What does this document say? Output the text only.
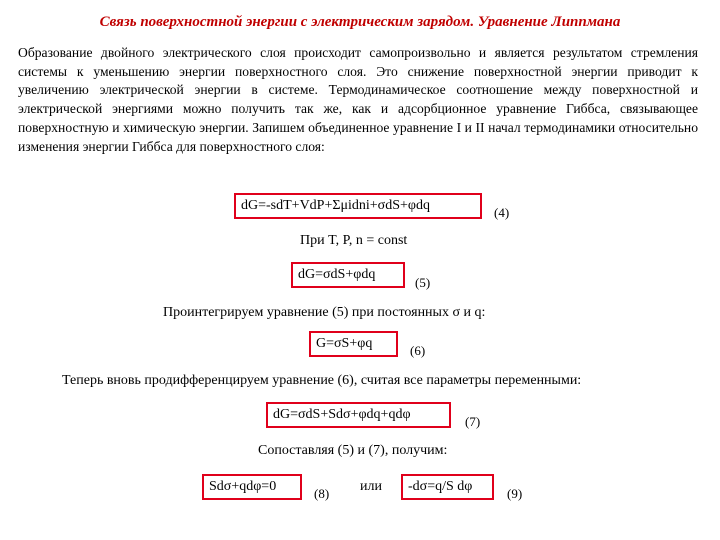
Связь поверхностной энергии с электрическим зарядом. Уравнение Липпмана
Образование двойного электрического слоя происходит самопроизвольно и является результатом стремления системы к уменьшению энергии поверхностного слоя. Это снижение поверхностной энергии приводит к увеличению электрической энергии в системе. Термодинамическое соотношение между поверхностной и электрической энергиями можно получить так же, как и адсорбционное уравнение Гиббса, связывающее поверхностную и химическую энергии. Запишем объединенное уравнение I и II начал термодинамики относительно изменения энергии Гиббса для поверхностного слоя:
dG=-sdT+VdP+Σμidni+σdS+φdq	(4)
При T, P, n = const
dG=σdS+φdq
(5)
Проинтегрируем уравнение (5) при постоянных σ и q:
G=σS+φq	(6)
Теперь вновь продифференцируем уравнение (6), считая все параметры переменными:
dG=σdS+Sdσ+φdq+qdφ	(7)
Сопоставляя (5) и (7), получим:
Sdσ+qdφ=0	(8) или	-dσ=q/S dφ	(9)
